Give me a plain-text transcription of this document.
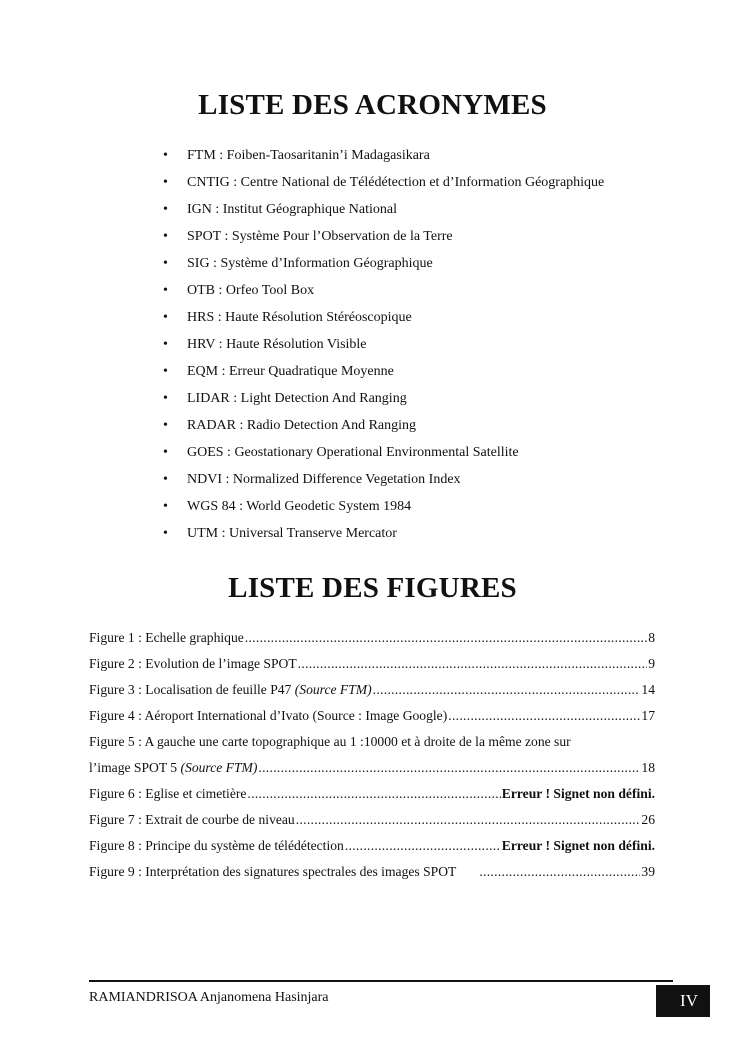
LISTE DES ACRONYMES
• FTM : Foiben-Taosaritanin’i Madagasikara
• CNTIG : Centre National de Télédétection et d’Information Géographique
• IGN : Institut Géographique National
• SPOT : Système Pour l’Observation de la Terre
• SIG : Système d’Information Géographique
• OTB : Orfeo Tool Box
• HRS : Haute Résolution Stéréoscopique
• HRV : Haute Résolution Visible
• EQM : Erreur Quadratique Moyenne
• LIDAR : Light Detection And Ranging
• RADAR : Radio Detection And Ranging
• GOES : Geostationary Operational Environmental Satellite
• NDVI : Normalized Difference Vegetation Index
• WGS 84 : World Geodetic System 1984
• UTM : Universal Transerve Mercator
LISTE DES FIGURES
Figure 1 : Echelle graphique .....	8
Figure 2 : Evolution de l’image SPOT .....	9
Figure 3 : Localisation de feuille P47 (Source FTM) .....	14
Figure 4 : Aéroport International d’Ivato (Source : Image Google) .....	17
Figure 5 : A gauche une carte topographique au 1 :10000 et à droite de la même zone sur
l’image SPOT 5 (Source FTM) .....	18
Figure 6 : Eglise et cimetière .....	Erreur ! Signet non défini.
Figure 7 : Extrait de courbe de niveau .....	26
Figure 8 : Principe du système de télédétection .....	Erreur ! Signet non défini.
Figure 9 : Interprétation des signatures spectrales des images SPOT .....	39
RAMIANDRISOA Anjanomena Hasinjara	IV
